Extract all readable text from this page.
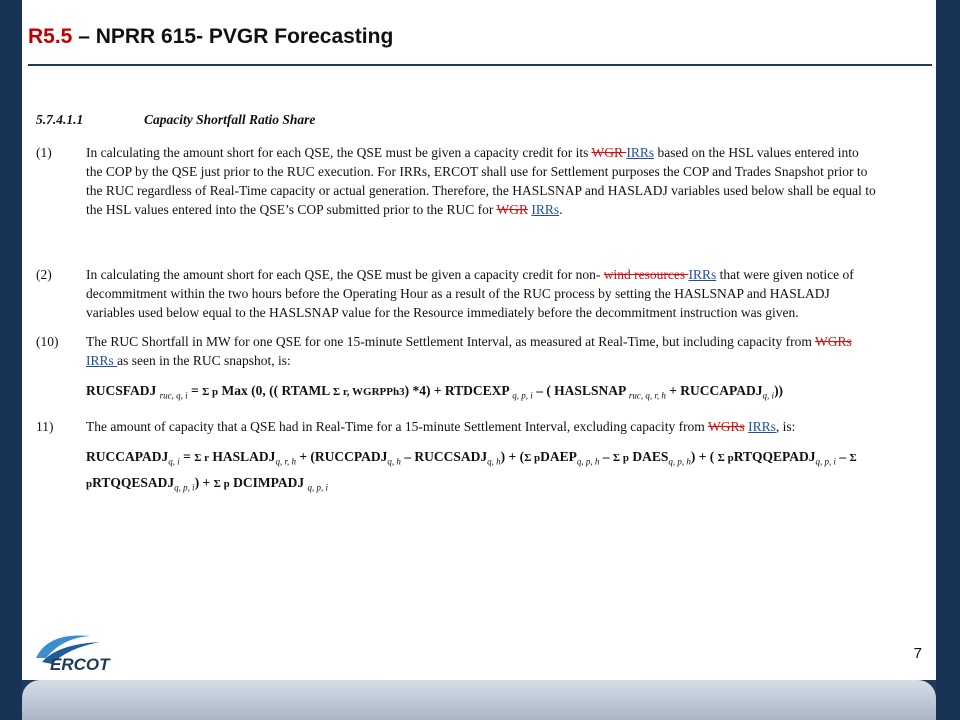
R5.5 – NPRR 615- PVGR Forecasting
5.7.4.1.1	Capacity Shortfall Ratio Share
(1)	In calculating the amount short for each QSE, the QSE must be given a capacity credit for its WGR IRRs based on the HSL values entered into the COP by the QSE just prior to the RUC execution. For IRRs, ERCOT shall use for Settlement purposes the COP and Trades Snapshot prior to the RUC regardless of Real-Time capacity or actual generation. Therefore, the HASLSNAP and HASLADJ variables used below shall be equal to the HSL values entered into the QSE’s COP submitted prior to the RUC for WGR IRRs.
(2)	In calculating the amount short for each QSE, the QSE must be given a capacity credit for non- wind resources IRRs that were given notice of decommitment within the two hours before the Operating Hour as a result of the RUC process by setting the HASLSNAP and HASLADJ variables used below equal to the HASLSNAP value for the Resource immediately before the decommitment instruction was given.
(10)	The RUC Shortfall in MW for one QSE for one 15-minute Settlement Interval, as measured at Real-Time, but including capacity from WGRs IRRs as seen in the RUC snapshot, is:
RUCSFADJ $_{ruc, q, i}$ = Σ p Max (0, (( RTAML Σ r, WGRPPh3) *4) + RTDCEXP $_{q, p, i}$ – ( HASLSNAP $_{ruc, q, r, h} + RUCCAPADJ_{q, i}$))
11)	The amount of capacity that a QSE had in Real-Time for a 15-minute Settlement Interval, excluding capacity from WGRs IRRs, is:
$RUCCAPADJ_{q, i} = \Sigma$ r $HASLADJ_{q, r, h}$ + ($RUCCPADJ_{q, h}$ – $RUCCSADJ_{q, h}) + (\Sigma$ pDAEP$_{q, p, h}$ – Σ p $DAES_{q, p, h}$) + ( Σ pRTQQEPADJ$_{q, p, i}$ – Σ pRTQQESADJ$_{q, p, i}$) + Σ p DCIMPADJ $_{q, p, i}$
ERCOT
7
